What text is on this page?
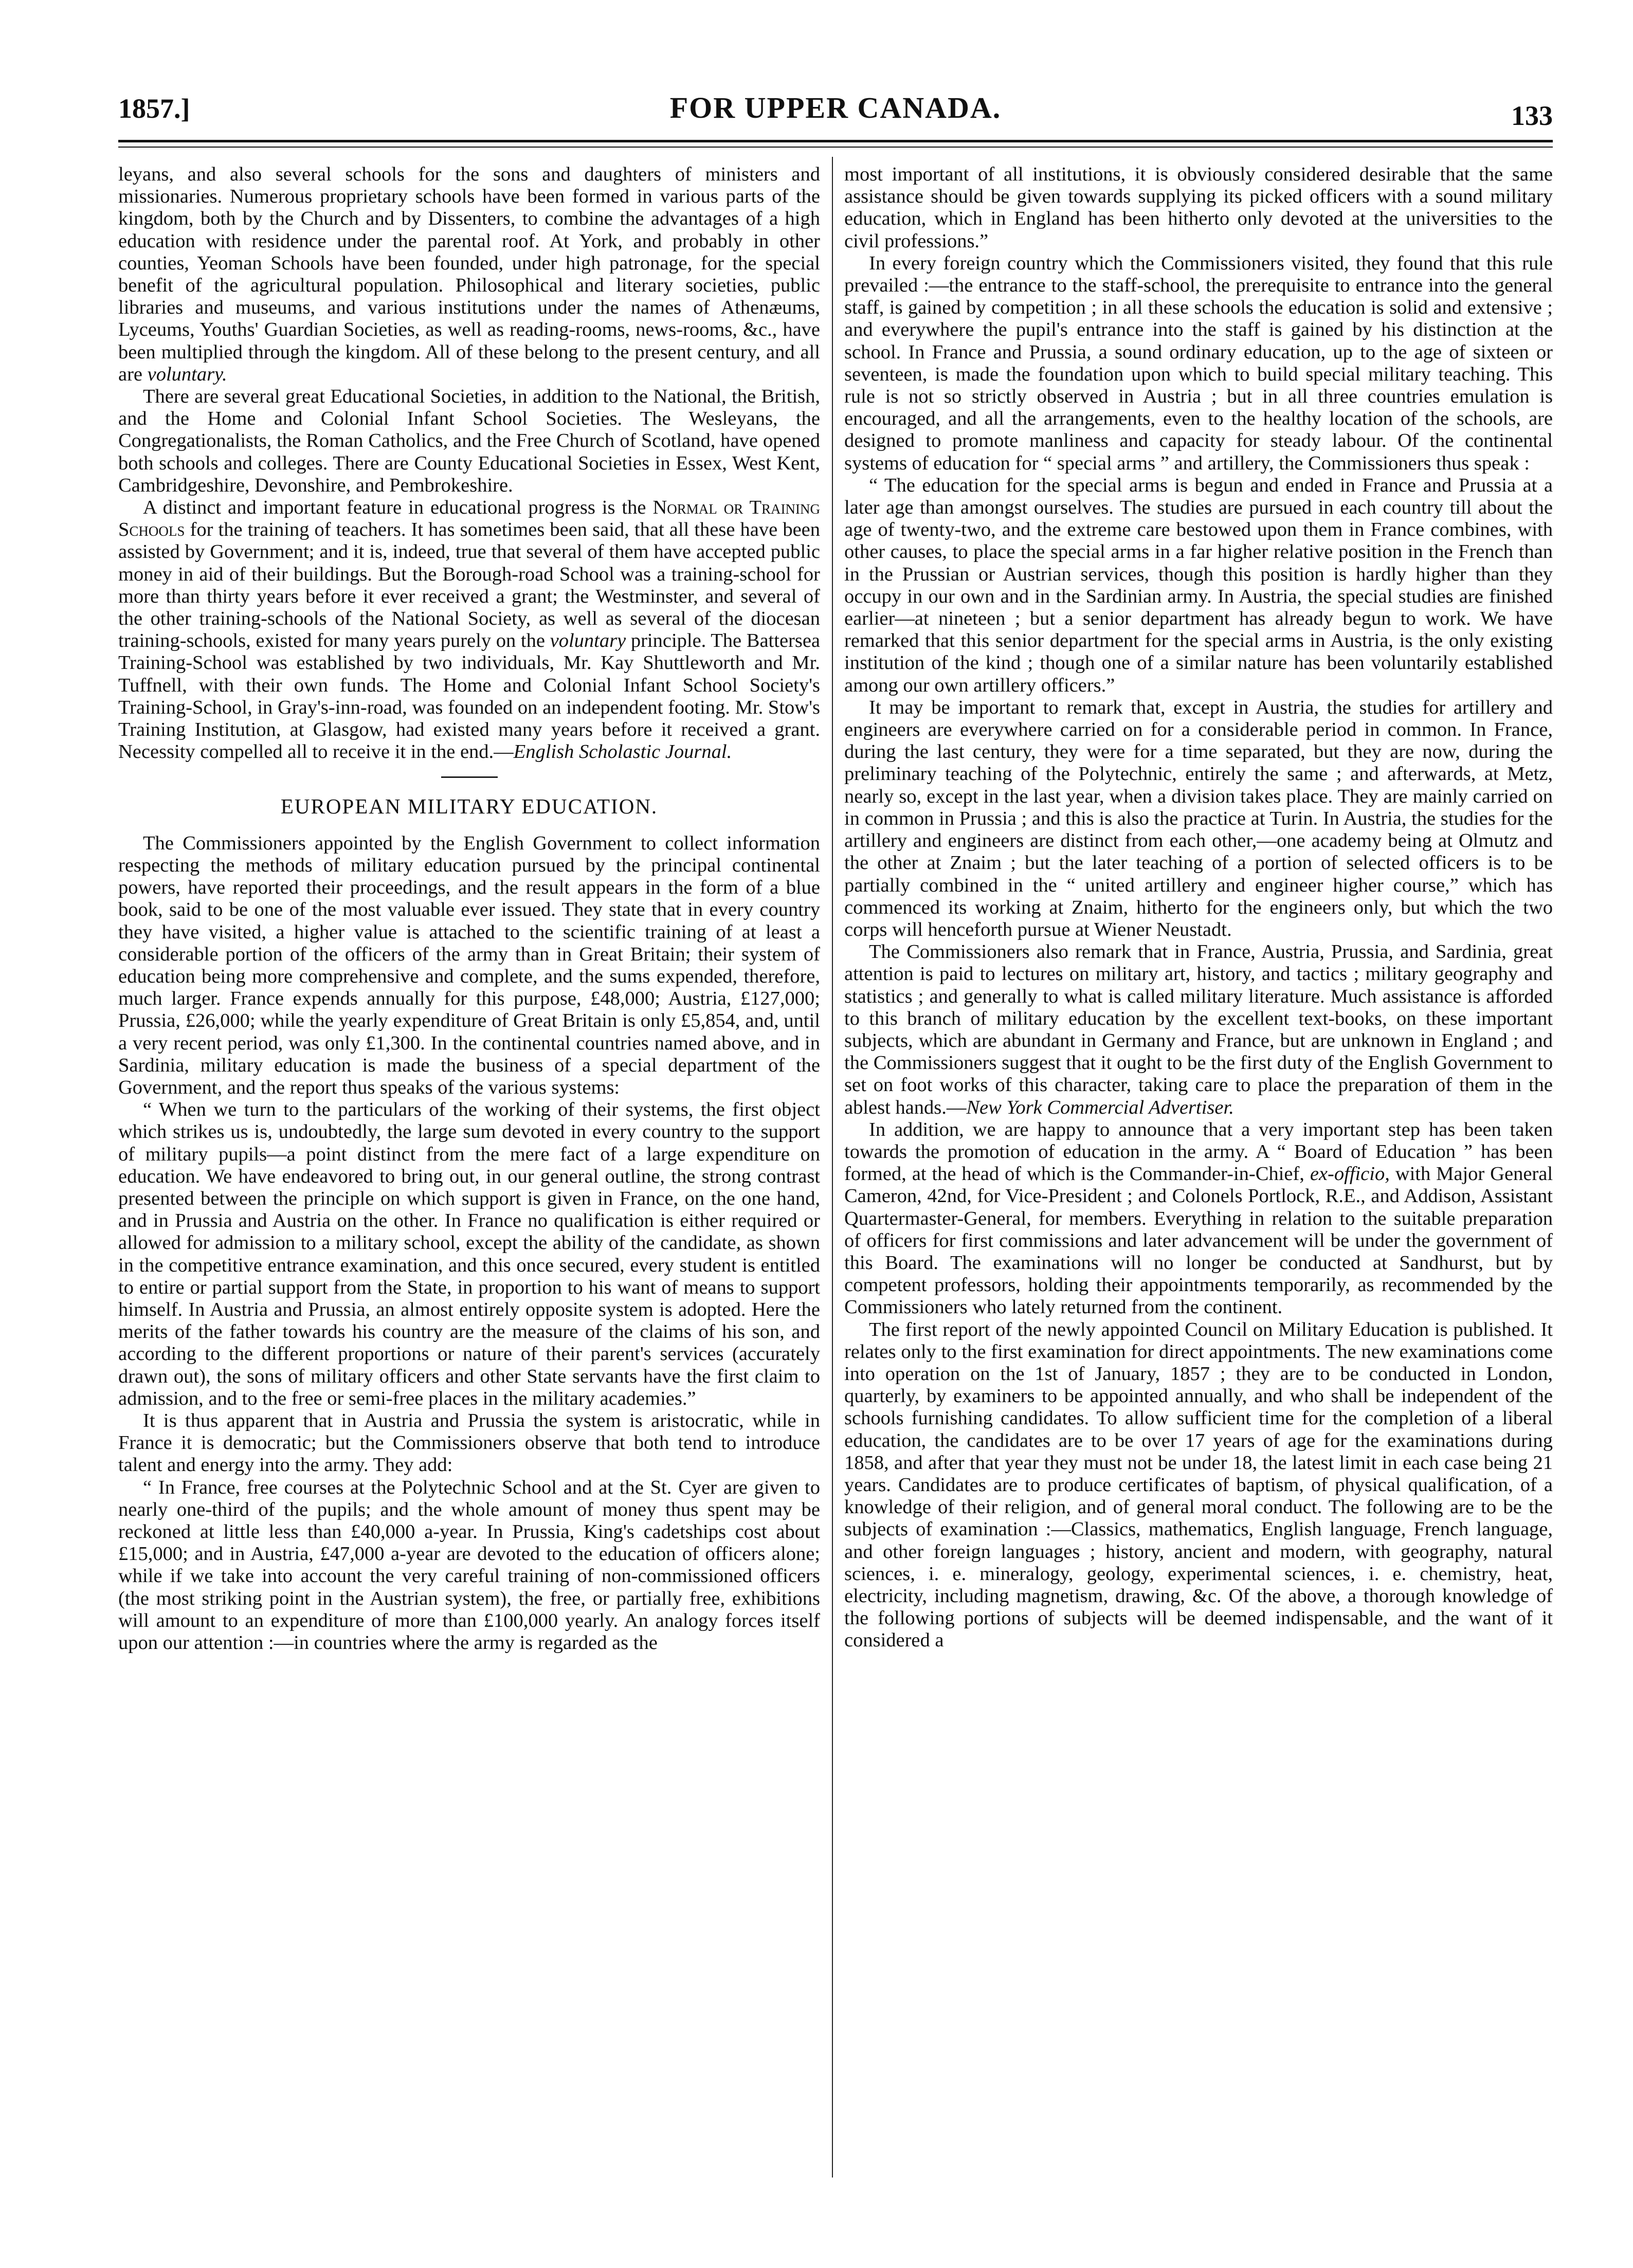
1857.]	FOR UPPER CANADA.	133

leyans, and also several schools for the sons and daughters of ministers and missionaries. Numerous proprietary schools have been formed in various parts of the kingdom, both by the Church and by Dissenters, to combine the advantages of a high education with residence under the parental roof. At York, and probably in other counties, Yeoman Schools have been founded, under high patronage, for the special benefit of the agricultural population. Philosophical and literary societies, public libraries and museums, and various institutions under the names of Athenæums, Lyceums, Youths' Guardian Societies, as well as reading-rooms, news-rooms, &c., have been multiplied through the kingdom. All of these belong to the present century, and all are voluntary.

There are several great Educational Societies, in addition to the National, the British, and the Home and Colonial Infant School Societies. The Wesleyans, the Congregationalists, the Roman Catholics, and the Free Church of Scotland, have opened both schools and colleges. There are County Educational Societies in Essex, West Kent, Cambridgeshire, Devonshire, and Pembrokeshire.

A distinct and important feature in educational progress is the Normal or Training Schools for the training of teachers. It has sometimes been said, that all these have been assisted by Government; and it is, indeed, true that several of them have accepted public money in aid of their buildings. But the Borough-road School was a training-school for more than thirty years before it ever received a grant; the Westminster, and several of the other training-schools of the National Society, as well as several of the diocesan training-schools, existed for many years purely on the voluntary principle. The Battersea Training-School was established by two individuals, Mr. Kay Shuttleworth and Mr. Tuffnell, with their own funds. The Home and Colonial Infant School Society's Training-School, in Gray's-inn-road, was founded on an independent footing. Mr. Stow's Training Institution, at Glasgow, had existed many years before it received a grant. Necessity compelled all to receive it in the end.—English Scholastic Journal.

EUROPEAN MILITARY EDUCATION.

The Commissioners appointed by the English Government to collect information respecting the methods of military education pursued by the principal continental powers, have reported their proceedings, and the result appears in the form of a blue book, said to be one of the most valuable ever issued. They state that in every country they have visited, a higher value is attached to the scientific training of at least a considerable portion of the officers of the army than in Great Britain; their system of education being more comprehensive and complete, and the sums expended, therefore, much larger. France expends annually for this purpose, £48,000; Austria, £127,000; Prussia, £26,000; while the yearly expenditure of Great Britain is only £5,854, and, until a very recent period, was only £1,300. In the continental countries named above, and in Sardinia, military education is made the business of a special department of the Government, and the report thus speaks of the various systems:

“ When we turn to the particulars of the working of their systems, the first object which strikes us is, undoubtedly, the large sum devoted in every country to the support of military pupils—a point distinct from the mere fact of a large expenditure on education. We have endeavored to bring out, in our general outline, the strong contrast presented between the principle on which support is given in France, on the one hand, and in Prussia and Austria on the other. In France no qualification is either required or allowed for admission to a military school, except the ability of the candidate, as shown in the competitive entrance examination, and this once secured, every student is entitled to entire or partial support from the State, in proportion to his want of means to support himself. In Austria and Prussia, an almost entirely opposite system is adopted. Here the merits of the father towards his country are the measure of the claims of his son, and according to the different proportions or nature of their parent's services (accurately drawn out), the sons of military officers and other State servants have the first claim to admission, and to the free or semi-free places in the military academies.”

It is thus apparent that in Austria and Prussia the system is aristocratic, while in France it is democratic; but the Commissioners observe that both tend to introduce talent and energy into the army. They add:

“ In France, free courses at the Polytechnic School and at the St. Cyer are given to nearly one-third of the pupils; and the whole amount of money thus spent may be reckoned at little less than £40,000 a-year. In Prussia, King's cadetships cost about £15,000; and in Austria, £47,000 a-year are devoted to the education of officers alone; while if we take into account the very careful training of non-commissioned officers (the most striking point in the Austrian system), the free, or partially free, exhibitions will amount to an expenditure of more than £100,000 yearly. An analogy forces itself upon our attention :—in countries where the army is regarded as the

most important of all institutions, it is obviously considered desirable that the same assistance should be given towards supplying its picked officers with a sound military education, which in England has been hitherto only devoted at the universities to the civil professions.”

In every foreign country which the Commissioners visited, they found that this rule prevailed :—the entrance to the staff-school, the prerequisite to entrance into the general staff, is gained by competition ; in all these schools the education is solid and extensive ; and everywhere the pupil's entrance into the staff is gained by his distinction at the school. In France and Prussia, a sound ordinary education, up to the age of sixteen or seventeen, is made the foundation upon which to build special military teaching. This rule is not so strictly observed in Austria ; but in all three countries emulation is encouraged, and all the arrangements, even to the healthy location of the schools, are designed to promote manliness and capacity for steady labour. Of the continental systems of education for “ special arms ” and artillery, the Commissioners thus speak :

“ The education for the special arms is begun and ended in France and Prussia at a later age than amongst ourselves. The studies are pursued in each country till about the age of twenty-two, and the extreme care bestowed upon them in France combines, with other causes, to place the special arms in a far higher relative position in the French than in the Prussian or Austrian services, though this position is hardly higher than they occupy in our own and in the Sardinian army. In Austria, the special studies are finished earlier—at nineteen ; but a senior department has already begun to work. We have remarked that this senior department for the special arms in Austria, is the only existing institution of the kind ; though one of a similar nature has been voluntarily established among our own artillery officers.”

It may be important to remark that, except in Austria, the studies for artillery and engineers are everywhere carried on for a considerable period in common. In France, during the last century, they were for a time separated, but they are now, during the preliminary teaching of the Polytechnic, entirely the same ; and afterwards, at Metz, nearly so, except in the last year, when a division takes place. They are mainly carried on in common in Prussia ; and this is also the practice at Turin. In Austria, the studies for the artillery and engineers are distinct from each other,—one academy being at Olmutz and the other at Znaim ; but the later teaching of a portion of selected officers is to be partially combined in the “ united artillery and engineer higher course,” which has commenced its working at Znaim, hitherto for the engineers only, but which the two corps will henceforth pursue at Wiener Neustadt.

The Commissioners also remark that in France, Austria, Prussia, and Sardinia, great attention is paid to lectures on military art, history, and tactics ; military geography and statistics ; and generally to what is called military literature. Much assistance is afforded to this branch of military education by the excellent text-books, on these important subjects, which are abundant in Germany and France, but are unknown in England ; and the Commissioners suggest that it ought to be the first duty of the English Government to set on foot works of this character, taking care to place the preparation of them in the ablest hands.—New York Commercial Advertiser.

In addition, we are happy to announce that a very important step has been taken towards the promotion of education in the army. A “ Board of Education ” has been formed, at the head of which is the Commander-in-Chief, ex-officio, with Major General Cameron, 42nd, for Vice-President ; and Colonels Portlock, R.E., and Addison, Assistant Quartermaster-General, for members. Everything in relation to the suitable preparation of officers for first commissions and later advancement will be under the government of this Board. The examinations will no longer be conducted at Sandhurst, but by competent professors, holding their appointments temporarily, as recommended by the Commissioners who lately returned from the continent.

The first report of the newly appointed Council on Military Education is published. It relates only to the first examination for direct appointments. The new examinations come into operation on the 1st of January, 1857 ; they are to be conducted in London, quarterly, by examiners to be appointed annually, and who shall be independent of the schools furnishing candidates. To allow sufficient time for the completion of a liberal education, the candidates are to be over 17 years of age for the examinations during 1858, and after that year they must not be under 18, the latest limit in each case being 21 years. Candidates are to produce certificates of baptism, of physical qualification, of a knowledge of their religion, and of general moral conduct. The following are to be the subjects of examination :—Classics, mathematics, English language, French language, and other foreign languages ; history, ancient and modern, with geography, natural sciences, i. e. mineralogy, geology, experimental sciences, i. e. chemistry, heat, electricity, including magnetism, drawing, &c. Of the above, a thorough knowledge of the following portions of subjects will be deemed indispensable, and the want of it considered a
